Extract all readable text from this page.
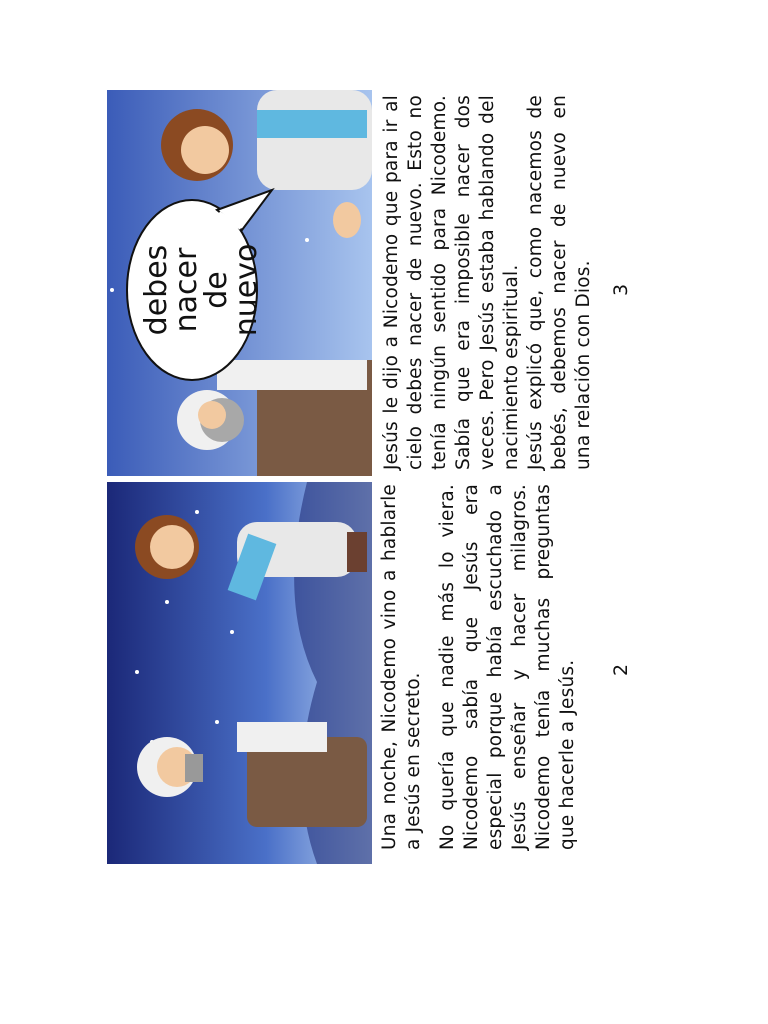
debes
nacer
de nuevo

Una noche, Nicodemo vino a hablarle a Jesús en secreto. No quería que nadie más lo viera. Nicodemo sabía que Jesús era especial porque había escuchado a Jesús enseñar y hacer milagros. Nicodemo tenía muchas preguntas que hacerle a Jesús.

Jesús le dijo a Nicodemo que para ir al cielo debes nacer de nuevo. Esto no tenía ningún sentido para Nicodemo. Sabía que era imposible nacer dos veces. Pero Jesús estaba hablando del nacimiento espiritual. Jesús explicó que, como nacemos de bebés, debemos nacer de nuevo en una relación con Dios.

2
3
